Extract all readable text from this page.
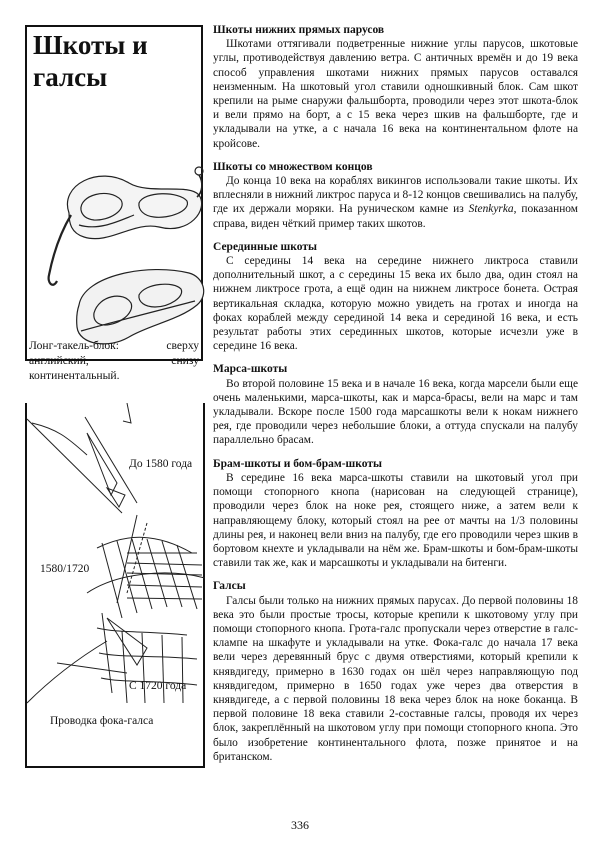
Шкоты и галсы
Лонг-такель-блок: сверху английский, снизу континентальный.
До 1580 года
1580/1720
С 1720 года
Проводка фока-галса
Шкоты нижних прямых парусов

Шкотами оттягивали подветренные нижние углы парусов, шкотовые углы, противодействуя давлению ветра. С античных времён и до 19 века способ управления шкотами нижних прямых парусов оставался неизменным. На шкотовый угол ставили одношкивный блок. Сам шкот крепили на рыме снаружи фальшборта, проводили через этот шкота-блок и вели прямо на борт, а с 15 века через шкив на фальшборте, где и укладывали на утке, а с начала 16 века на континентальном флоте на кройсове.

Шкоты со множеством концов

До конца 10 века на кораблях викингов использовали такие шкоты. Их вплесняли в нижний ликтрос паруса и 8-12 концов свешивались на палубу, где их держали моряки. На руническом камне из Stenkyrka, показанном справа, виден чёткий пример таких шкотов.

Серединные шкоты

С середины 14 века на середине нижнего ликтроса ставили дополнительный шкот, а с середины 15 века их было два, один стоял на нижнем ликтросе грота, а ещё один на нижнем ликтросе бонета. Острая вертикальная складка, которую можно увидеть на гротах и иногда на фоках кораблей между серединой 14 века и серединой 16 века, и есть результат работы этих серединных шкотов, которые исчезли уже в середине 16 века.

Марса-шкоты

Во второй половине 15 века и в начале 16 века, когда марсели были еще очень маленькими, марса-шкоты, как и марса-брасы, вели на марс и там укладывали. Вскоре после 1500 года марсашкоты вели к нокам нижнего рея, где проводили через небольшие блоки, а оттуда спускали на палубу параллельно брасам.

Брам-шкоты и бом-брам-шкоты

В середине 16 века марса-шкоты ставили на шкотовый угол при помощи стопорного кнопа (нарисован на следующей странице), проводили через блок на ноке рея, стоящего ниже, а затем вели к направляющему блоку, который стоял на рее от мачты на 1/3 половины длины рея, и наконец вели вниз на палубу, где его проводили через шкив в бортовом кнехте и укладывали на нём же. Брам-шкоты и бом-брам-шкоты ставили так же, как и марсашкоты и укладывали на битенги.

Галсы

Галсы были только на нижних прямых парусах. До первой половины 18 века это были простые тросы, которые крепили к шкотовому углу при помощи стопорного кнопа. Грота-галс пропускали через отверстие в галс-клампе на шкафуте и укладывали на утке. Фока-галс до начала 17 века вели через деревянный брус с двумя отверстиями, который крепили к княвдигеду, примерно в 1630 годах он шёл через направляющую под княвдигедом, примерно в 1650 годах уже через два отверстия в княвдигеде, а с первой половины 18 века через блок на ноке боканца. В первой половине 18 века ставили 2-составные галсы, проводя их через блок, закреплённый на шкотовом углу при помощи стопорного кнопа. Это было изобретение континентального флота, позже принятое и на британском.

336
